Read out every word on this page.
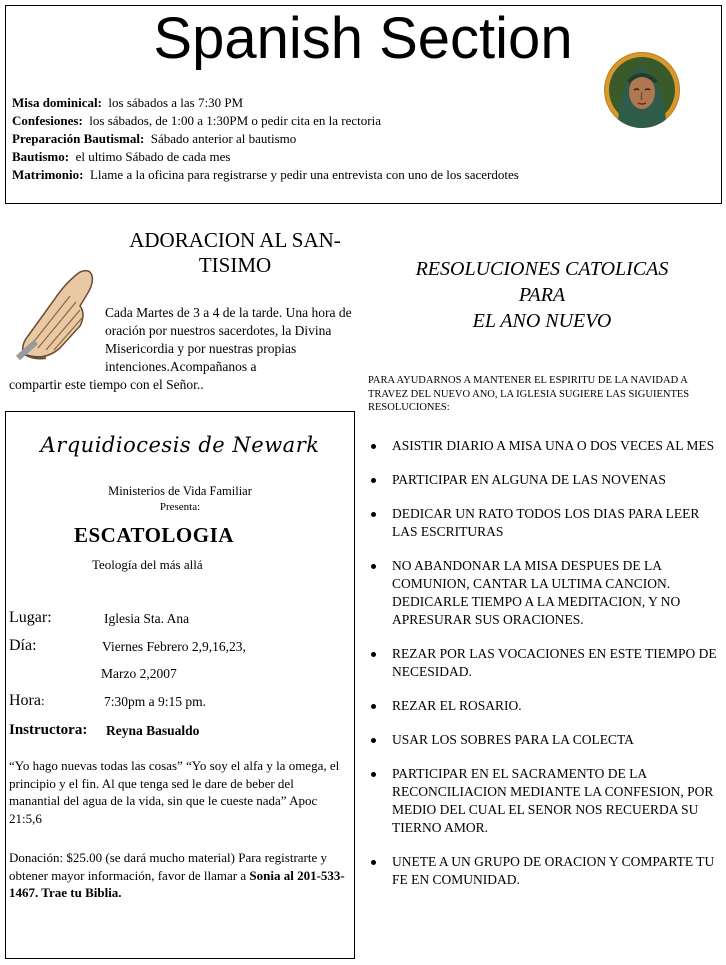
Spanish Section
Misa dominical:  los sábados a las 7:30 PM
Confesiones:  los sábados, de 1:00 a 1:30PM o pedir cita en la rectoria
Preparación Bautismal:  Sábado anterior al bautismo
Bautismo:  el ultimo Sábado de cada mes
Matrimonio:  Llame a la oficina para registrarse y pedir una entrevista con uno de los sacerdotes
ADORACION AL SAN-
TISIMO
Cada Martes de 3 a 4 de la tarde. Una hora de oración por nuestros sacerdotes, la Divina Misericordia y por nuestras propias intenciones.Acompañanos a
compartir este tiempo con el Señor..
RESOLUCIONES CATOLICAS
PARA
EL ANO NUEVO
PARA AYUDARNOS A MANTENER EL ESPIRITU DE LA NAVIDAD A TRAVEZ DEL NUEVO ANO, LA IGLESIA SUGIERE LAS SIGUIENTES RESOLUCIONES:
ASISTIR DIARIO A MISA UNA O DOS VECES AL MES
PARTICIPAR EN ALGUNA DE LAS NOVENAS
DEDICAR UN RATO TODOS LOS DIAS PARA LEER LAS ESCRITURAS
NO ABANDONAR LA MISA DESPUES DE LA COMUNION, CANTAR LA ULTIMA CANCION. DEDICARLE TIEMPO A LA MEDITACION, Y NO APRESURAR SUS ORACIONES.
REZAR POR LAS VOCACIONES EN ESTE TIEMPO DE NECESIDAD.
REZAR EL ROSARIO.
USAR LOS SOBRES PARA LA COLECTA
PARTICIPAR EN EL SACRAMENTO DE LA RECONCILIACION MEDIANTE LA CONFESION, POR MEDIO DEL CUAL EL SENOR NOS RECUERDA SU TIERNO AMOR.
UNETE A UN GRUPO DE ORACION Y COMPARTE TU FE EN COMUNIDAD.
Arquidiocesis de Newark
Ministerios de Vida Familiar
Presenta:
ESCATOLOGIA
Teología del más allá
Lugar:	Iglesia Sta. Ana
Día:	Viernes Febrero 2,9,16,23,
Marzo 2,2007
Hora:	7:30pm a 9:15 pm.
Instructora: Reyna Basualdo
“Yo hago nuevas todas las cosas” “Yo soy el alfa y la omega, el principio y el fin. Al que tenga sed le dare de beber del manantial del agua de la vida, sin que le cueste nada” Apoc 21:5,6
Donación: $25.00 (se dará mucho material) Para registrarte y obtener mayor información, favor de llamar a Sonia al 201-533-1467. Trae tu Biblia.
